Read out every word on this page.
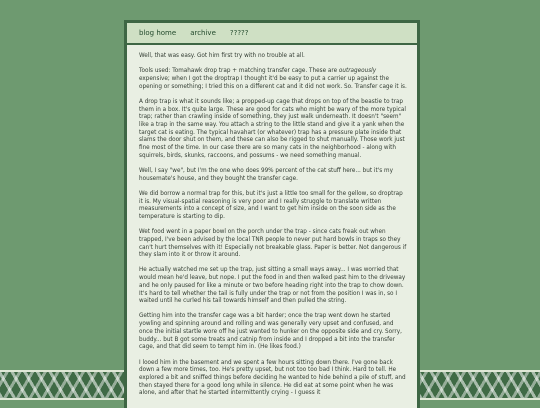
blog home archive ?????

Well, that was easy. Got him first try with no trouble at all.

Tools used: Tomahawk drop trap + matching transfer cage. These are outrageously expensive; when I got the droptrap I thought it'd be easy to put a carrier up against the opening or something; I tried this on a different cat and it did not work. So. Transfer cage it is.

A drop trap is what it sounds like; a propped-up cage that drops on top of the beastie to trap them in a box. It's quite large. These are good for cats who might be wary of the more typical trap; rather than crawling inside of something, they just walk underneath. It doesn't "seem" like a trap in the same way. You attach a string to the little stand and give it a yank when the target cat is eating. The typical havahart (or whatever) trap has a pressure plate inside that slams the door shut on them, and these can also be rigged to shut manually. Those work just fine most of the time. In our case there are so many cats in the neighborhood - along with squirrels, birds, skunks, raccoons, and possums - we need something manual.

Well, I say "we", but I'm the one who does 99% percent of the cat stuff here... but it's my housemate's house, and they bought the transfer cage.

We did borrow a normal trap for this, but it's just a little too small for the gellow, so droptrap it is. My visual-spatial reasoning is very poor and I really struggle to translate written measurements into a concept of size, and I want to get him inside on the soon side as the temperature is starting to dip.

Wet food went in a paper bowl on the porch under the trap - since cats freak out when trapped, I've been advised by the local TNR people to never put hard bowls in traps so they can't hurt themselves with it! Especially not breakable glass. Paper is better. Not dangerous if they slam into it or throw it around.

He actually watched me set up the trap, just sitting a small ways away... I was worried that would mean he'd leave, but nope. I put the food in and then walked past him to the driveway and he only paused for like a minute or two before heading right into the trap to chow down. It's hard to tell whether the tail is fully under the trap or not from the position I was in, so I waited until he curled his tail towards himself and then pulled the string.

Getting him into the transfer cage was a bit harder; once the trap went down he started yowling and spinning around and rolling and was generally very upset and confused, and once the initial startle wore off he just wanted to hunker on the opposite side and cry. Sorry, buddy... but B got some treats and catnip from inside and I dropped a bit into the transfer cage, and that did seem to tempt him in. (He likes food.)

I looed him in the basement and we spent a few hours sitting down there. I've gone back down a few more times, too. He's pretty upset, but not too too bad I think. Hard to tell. He explored a bit and sniffed things before deciding he wanted to hide behind a pile of stuff, and then stayed there for a good long while in silence. He did eat at some point when he was alone, and after that he started intermittently crying - I guess it
